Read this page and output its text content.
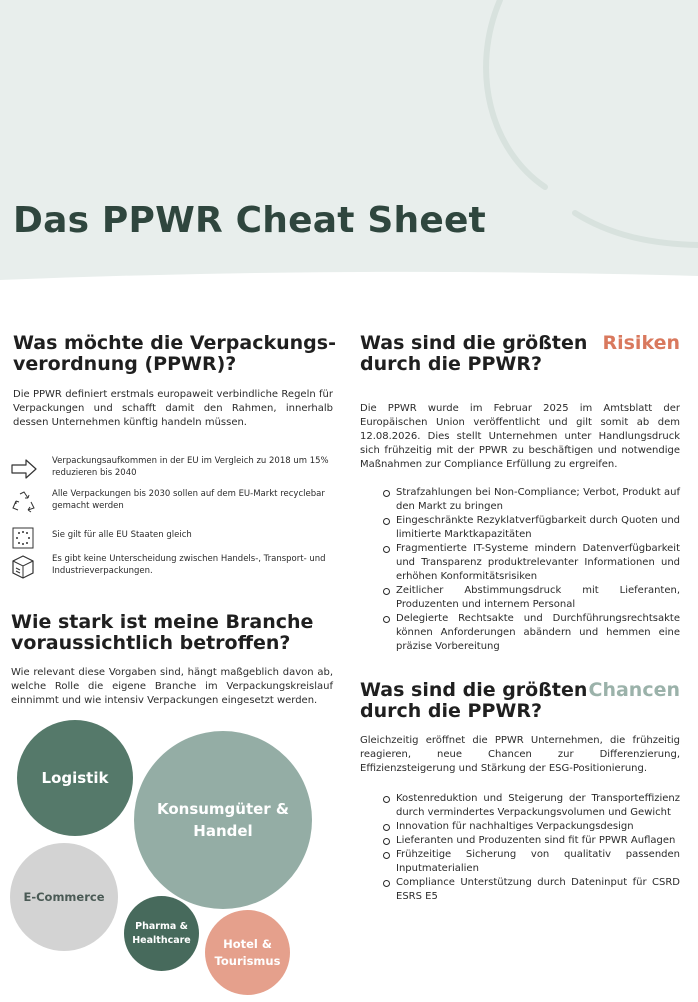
Das PPWR Cheat Sheet
Was möchte die Verpackungs-
verordnung (PPWR)?

Die PPWR definiert erstmals europaweit verbindliche Regeln für Verpackungen und schafft damit den Rahmen, innerhalb dessen Unternehmen künftig handeln müssen.

Verpackungsaufkommen in der EU im Vergleich zu 2018 um 15% reduzieren bis 2040
Alle Verpackungen bis 2030 sollen auf dem EU-Markt recyclebar gemacht werden
Sie gilt für alle EU Staaten gleich
Es gibt keine Unterscheidung zwischen Handels-, Transport- und Industrieverpackungen.
Wie stark ist meine Branche
voraussichtlich betroffen?

Wie relevant diese Vorgaben sind, hängt maßgeblich davon ab, welche Rolle die eigene Branche im Verpackungskreislauf einnimmt und wie intensiv Verpackungen eingesetzt werden.

Logistik
Konsumgüter &
Handel
E-Commerce
Pharma &
Healthcare	Hotel &
Tourismus
Was sind die größten Risiken
durch die PPWR?

Die PPWR wurde im Februar 2025 im Amtsblatt der Europäischen Union veröffentlicht und gilt somit ab dem 12.08.2026. Dies stellt Unternehmen unter Handlungsdruck sich frühzeitig mit der PPWR zu beschäftigen und notwendige Maßnahmen zur Compliance Erfüllung zu ergreifen.

Strafzahlungen bei Non-Compliance; Verbot, Produkt auf den Markt zu bringen
Eingeschränkte Rezyklatverfügbarkeit durch Quoten und limitierte Marktkapazitäten
Fragmentierte IT-Systeme mindern Datenverfügbarkeit und Transparenz produktrelevanter Informationen und erhöhen Konformitätsrisiken
Zeitlicher Abstimmungsdruck mit Lieferanten, Produzenten und internem Personal
Delegierte Rechtsakte und Durchführungsrechtsakte können Anforderungen abändern und hemmen eine präzise Vorbereitung
Was sind die größten Chancen
durch die PPWR?

Gleichzeitig eröffnet die PPWR Unternehmen, die frühzeitig reagieren, neue Chancen zur Differenzierung, Effizienzsteigerung und Stärkung der ESG-Positionierung.

Kostenreduktion und Steigerung der Transporteffizienz durch vermindertes Verpackungsvolumen und Gewicht
Innovation für nachhaltiges Verpackungsdesign
Lieferanten und Produzenten sind fit für PPWR Auflagen
Frühzeitige Sicherung von qualitativ passenden Inputmaterialien
Compliance Unterstützung durch Dateninput für CSRD ESRS E5
